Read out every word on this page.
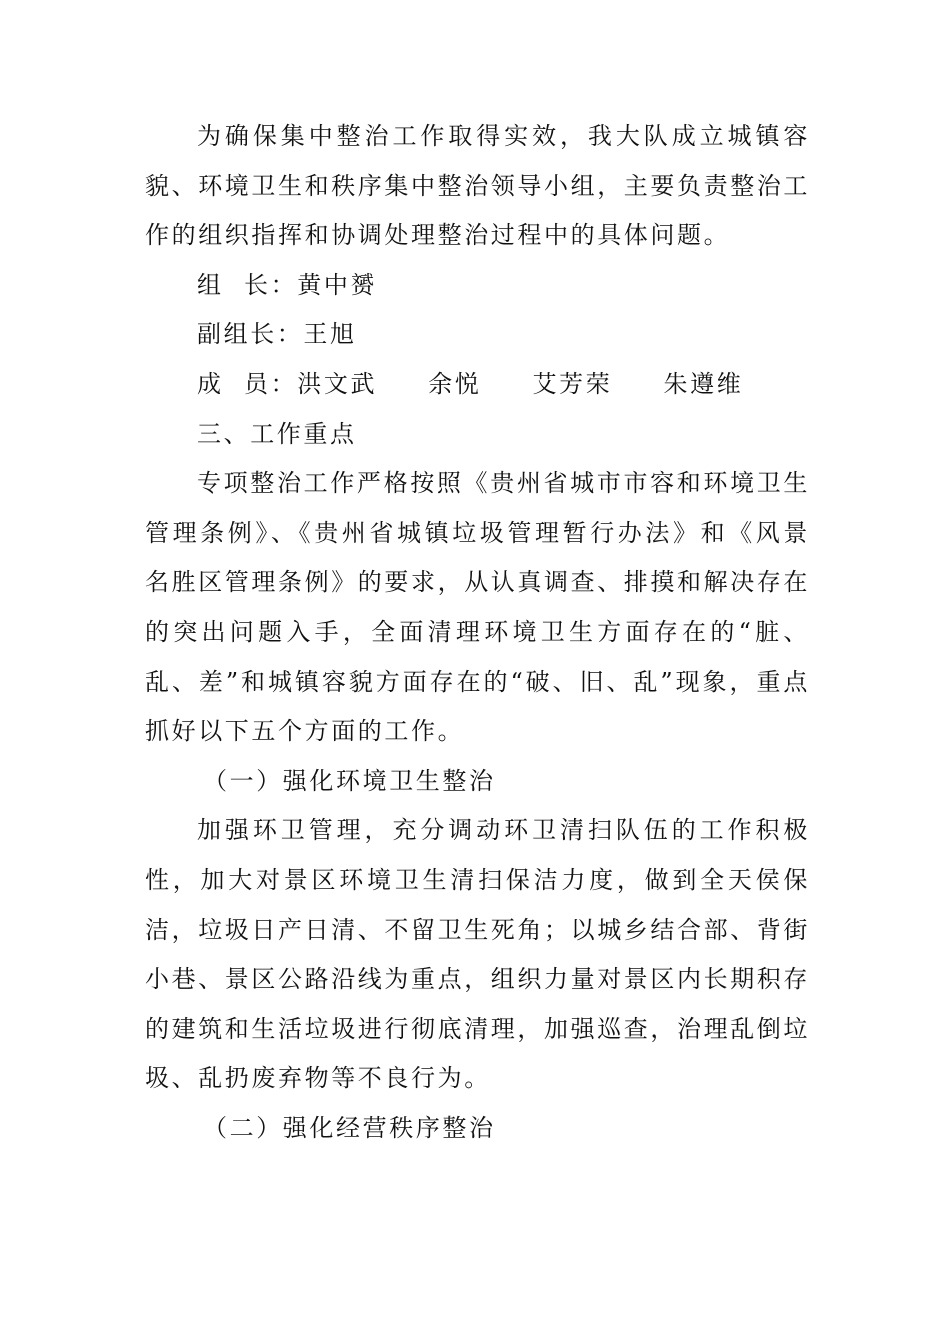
为确保集中整治工作取得实效，我大队成立城镇容貌、环境卫生和秩序集中整治领导小组，主要负责整治工作的组织指挥和协调处理整治过程中的具体问题。

组  长：黄中赟

副组长：王旭

成  员：洪文武     余悦     艾芳荣     朱遵维

三、工作重点

专项整治工作严格按照《贵州省城市市容和环境卫生管理条例》、《贵州省城镇垃圾管理暂行办法》和《风景名胜区管理条例》的要求，从认真调查、排摸和解决存在的突出问题入手，全面清理环境卫生方面存在的“脏、乱、差”和城镇容貌方面存在的“破、旧、乱”现象，重点抓好以下五个方面的工作。

（一）强化环境卫生整治

加强环卫管理，充分调动环卫清扫队伍的工作积极性，加大对景区环境卫生清扫保洁力度，做到全天侯保洁，垃圾日产日清、不留卫生死角；以城乡结合部、背街小巷、景区公路沿线为重点，组织力量对景区内长期积存的建筑和生活垃圾进行彻底清理，加强巡查，治理乱倒垃圾、乱扔废弃物等不良行为。

（二）强化经营秩序整治
